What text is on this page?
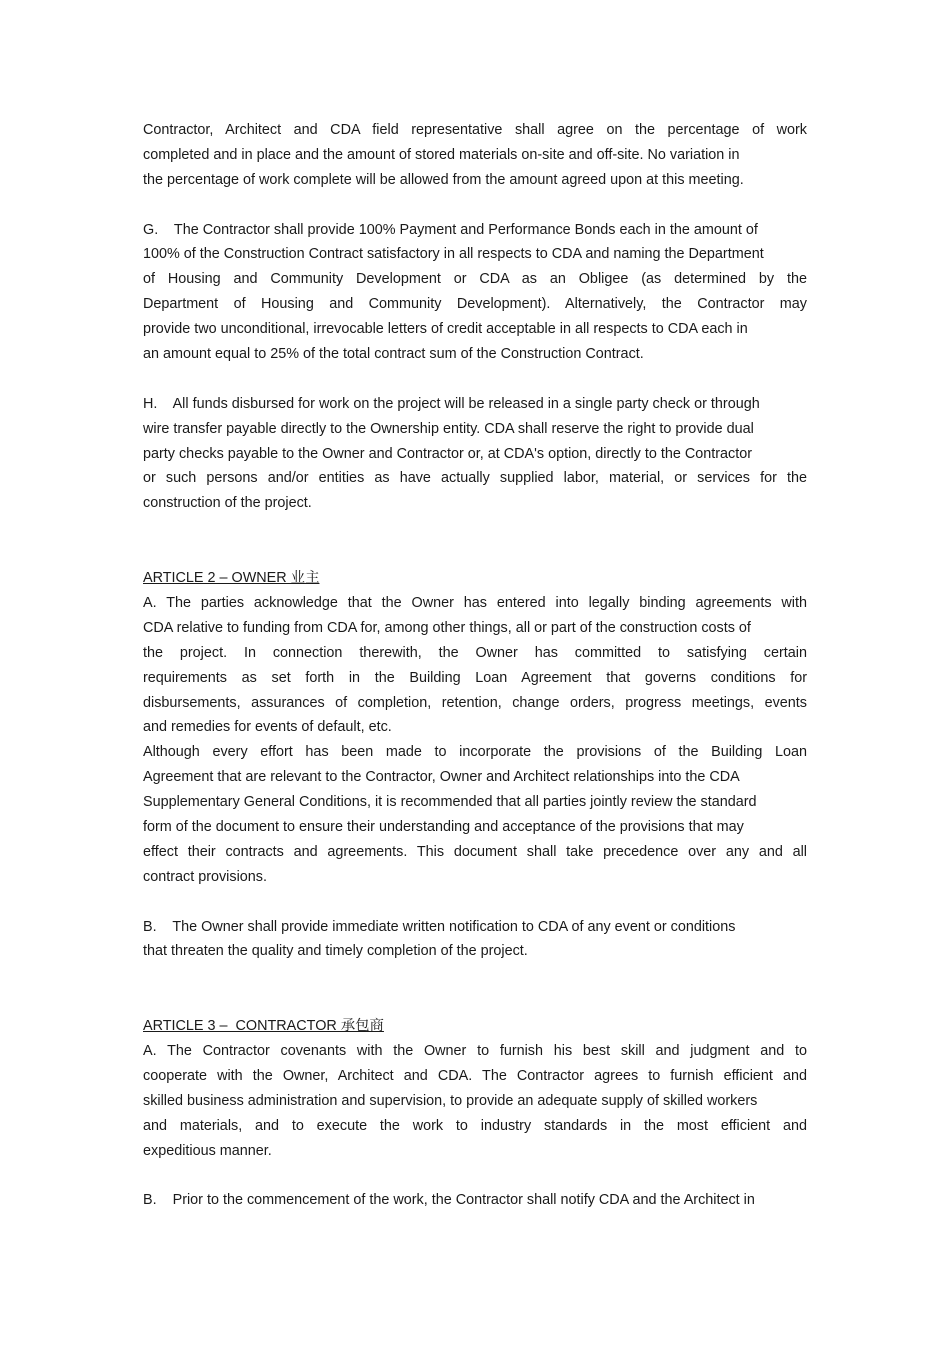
Contractor, Architect and CDA field representative shall agree on the percentage of work
completed and in place and the amount of stored materials on-site and off-site. No variation in
the percentage of work complete will be allowed from the amount agreed upon at this meeting.
G.    The Contractor shall provide 100% Payment and Performance Bonds each in the amount of
100% of the Construction Contract satisfactory in all respects to CDA and naming the Department
of Housing and Community Development or CDA as an Obligee (as determined by the
Department of Housing and Community Development). Alternatively, the Contractor may
provide two unconditional, irrevocable letters of credit acceptable in all respects to CDA each in
an amount equal to 25% of the total contract sum of the Construction Contract.
H.    All funds disbursed for work on the project will be released in a single party check or through
wire transfer payable directly to the Ownership entity. CDA shall reserve the right to provide dual
party checks payable to the Owner and Contractor or, at CDA's option, directly to the Contractor
or such persons and/or entities as have actually supplied labor, material, or services for the
construction of the project.
ARTICLE 2 – OWNER 业主
A. The parties acknowledge that the Owner has entered into legally binding agreements with
CDA relative to funding from CDA for, among other things, all or part of the construction costs of
the project. In connection therewith, the Owner has committed to satisfying certain
requirements as set forth in the Building Loan Agreement that governs conditions for
disbursements, assurances of completion, retention, change orders, progress meetings, events
and remedies for events of default, etc.
Although every effort has been made to incorporate the provisions of the Building Loan
Agreement that are relevant to the Contractor, Owner and Architect relationships into the CDA
Supplementary General Conditions, it is recommended that all parties jointly review the standard
form of the document to ensure their understanding and acceptance of the provisions that may
effect their contracts and agreements. This document shall take precedence over any and all
contract provisions.
B.    The Owner shall provide immediate written notification to CDA of any event or conditions
that threaten the quality and timely completion of the project.
ARTICLE 3 –  CONTRACTOR 承包商
A. The Contractor covenants with the Owner to furnish his best skill and judgment and to
cooperate with the Owner, Architect and CDA. The Contractor agrees to furnish efficient and
skilled business administration and supervision, to provide an adequate supply of skilled workers
and materials, and to execute the work to industry standards in the most efficient and
expeditious manner.
B.    Prior to the commencement of the work, the Contractor shall notify CDA and the Architect in
